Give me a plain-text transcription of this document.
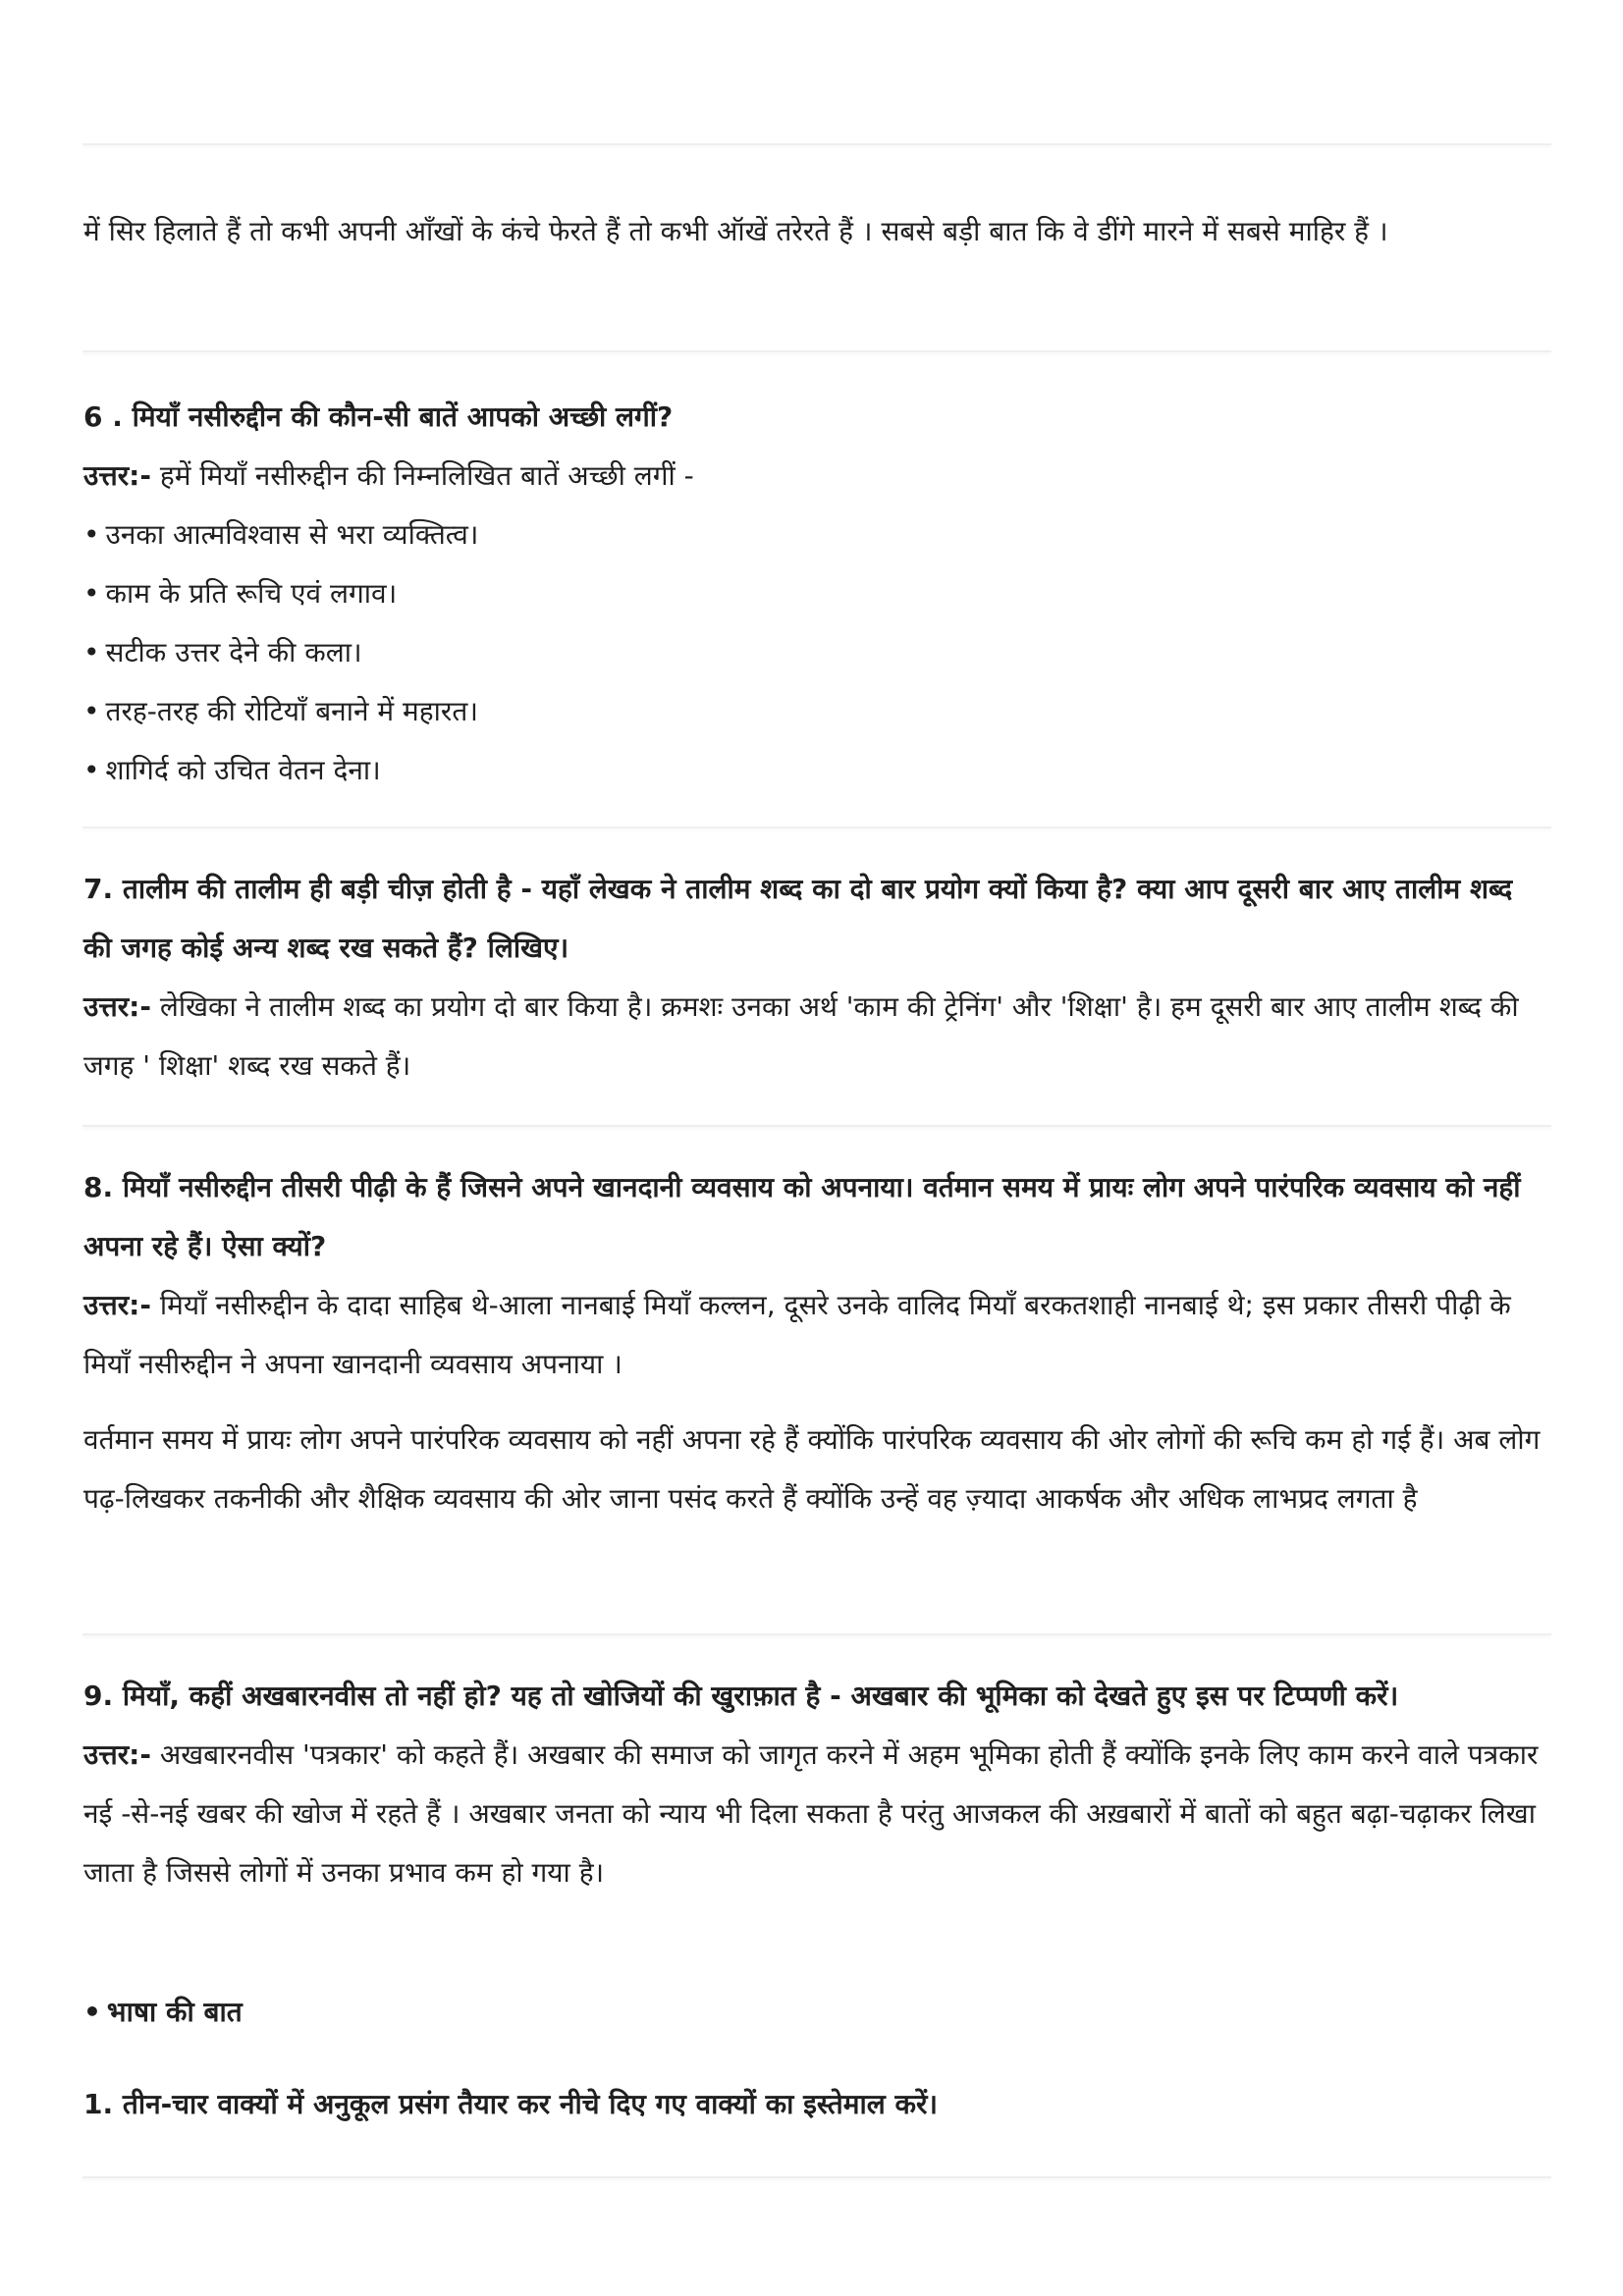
में सिर हिलाते हैं तो कभी अपनी आँखों के कंचे फेरते हैं तो कभी ऑखें तरेरते हैं । सबसे बड़ी बात कि वे डींगे मारने में सबसे माहिर हैं ।

6 . मियाँ नसीरुद्दीन की कौन-सी बातें आपको अच्छी लगीं?

उत्तर:- हमें मियाँ नसीरुद्दीन की निम्नलिखित बातें अच्छी लगीं -

• उनका आत्मविश्वास से भरा व्यक्तित्व।

• काम के प्रति रूचि एवं लगाव।

• सटीक उत्तर देने की कला।

• तरह-तरह की रोटियाँ बनाने में महारत।

• शागिर्द को उचित वेतन देना।

7. तालीम की तालीम ही बड़ी चीज़ होती है - यहाँ लेखक ने तालीम शब्द का दो बार प्रयोग क्यों किया है? क्या आप दूसरी बार आए तालीम शब्द की जगह कोई अन्य शब्द रख सकते हैं? लिखिए।

उत्तर:- लेखिका ने तालीम शब्द का प्रयोग दो बार किया है। क्रमशः उनका अर्थ 'काम की ट्रेनिंग' और 'शिक्षा' है। हम दूसरी बार आए तालीम शब्द की जगह ' शिक्षा' शब्द रख सकते हैं।

8. मियाँ नसीरुद्दीन तीसरी पीढ़ी के हैं जिसने अपने खानदानी व्यवसाय को अपनाया। वर्तमान समय में प्रायः लोग अपने पारंपरिक व्यवसाय को नहीं अपना रहे हैं। ऐसा क्यों?

उत्तर:- मियाँ नसीरुद्दीन के दादा साहिब थे-आला नानबाई मियाँ कल्लन, दूसरे उनके वालिद मियाँ बरकतशाही नानबाई थे; इस प्रकार तीसरी पीढ़ी के मियाँ नसीरुद्दीन ने अपना खानदानी व्यवसाय अपनाया ।

वर्तमान समय में प्रायः लोग अपने पारंपरिक व्यवसाय को नहीं अपना रहे हैं क्योंकि पारंपरिक व्यवसाय की ओर लोगों की रूचि कम हो गई हैं। अब लोग पढ़-लिखकर तकनीकी और शैक्षिक व्यवसाय की ओर जाना पसंद करते हैं क्योंकि उन्हें वह ज़्यादा आकर्षक और अधिक लाभप्रद लगता है

9. मियाँ, कहीं अखबारनवीस तो नहीं हो? यह तो खोजियों की खुराफ़ात है - अखबार की भूमिका को देखते हुए इस पर टिप्पणी करें।

उत्तर:- अखबारनवीस 'पत्रकार' को कहते हैं। अखबार की समाज को जागृत करने में अहम भूमिका होती हैं क्योंकि इनके लिए काम करने वाले पत्रकार नई -से-नई खबर की खोज में रहते हैं । अखबार जनता को न्याय भी दिला सकता है परंतु आजकल की अख़बारों में बातों को बहुत बढ़ा-चढ़ाकर लिखा जाता है जिससे लोगों में उनका प्रभाव कम हो गया है।

• भाषा की बात

1. तीन-चार वाक्यों में अनुकूल प्रसंग तैयार कर नीचे दिए गए वाक्यों का इस्तेमाल करें।
